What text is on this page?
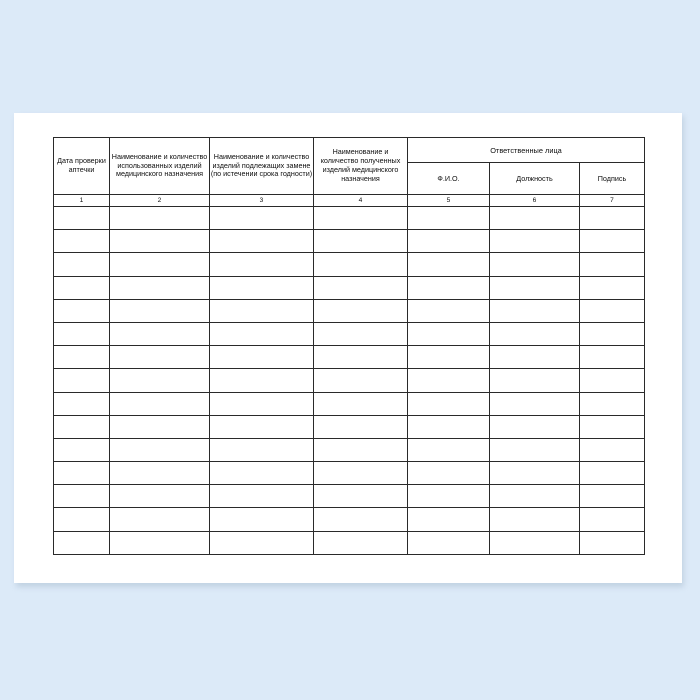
Дата проверки аптечки	Наименование и количество использованных изделий медицинского назначения	Наименование и количество изделий подлежащих замене (по истечении срока годности)	Наименование и количество полученных изделий медицинского назначения	Ответственные лица		
				Ф.И.О.	Должность	Подпись
1	2	3	4	5	6	7
